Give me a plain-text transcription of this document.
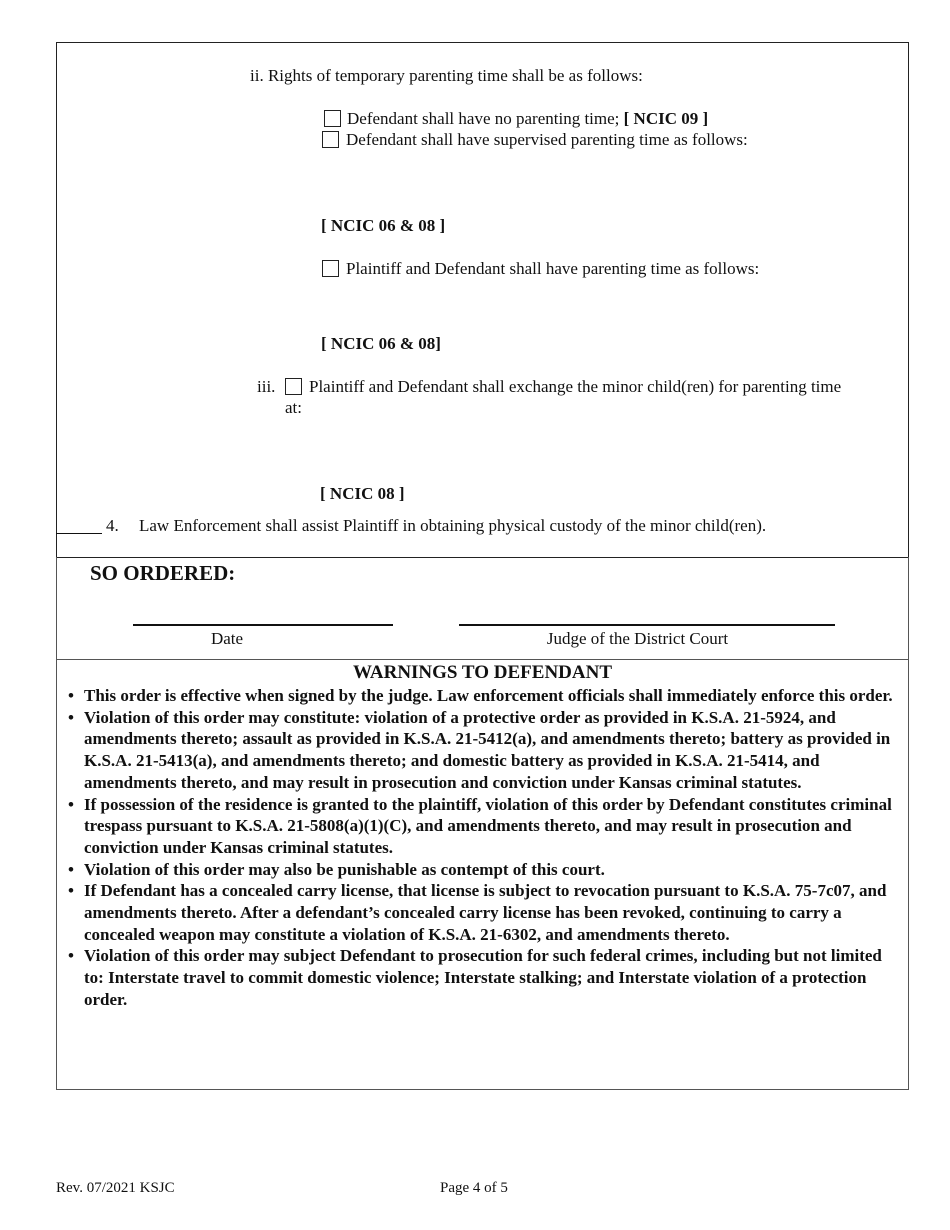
ii. Rights of temporary parenting time shall be as follows:
Defendant shall have no parenting time; [ NCIC 09 ]
Defendant shall have supervised parenting time as follows:
[ NCIC 06 & 08 ]
Plaintiff and Defendant shall have parenting time as follows:
[ NCIC 06 & 08]
iii. Plaintiff and Defendant shall exchange the minor child(ren) for parenting time
at:
[ NCIC 08 ]
4. Law Enforcement shall assist Plaintiff in obtaining physical custody of the minor child(ren).
SO ORDERED:
Date	Judge of the District Court
WARNINGS TO DEFENDANT
• This order is effective when signed by the judge. Law enforcement officials shall immediately enforce this order.
• Violation of this order may constitute: violation of a protective order as provided in K.S.A. 21-5924, and amendments thereto; assault as provided in K.S.A. 21-5412(a), and amendments thereto; battery as provided in K.S.A. 21-5413(a), and amendments thereto; and domestic battery as provided in K.S.A. 21-5414, and amendments thereto, and may result in prosecution and conviction under Kansas criminal statutes.
• If possession of the residence is granted to the plaintiff, violation of this order by Defendant constitutes criminal trespass pursuant to K.S.A. 21-5808(a)(1)(C), and amendments thereto, and may result in prosecution and conviction under Kansas criminal statutes.
• Violation of this order may also be punishable as contempt of this court.
• If Defendant has a concealed carry license, that license is subject to revocation pursuant to K.S.A. 75-7c07, and amendments thereto. After a defendant’s concealed carry license has been revoked, continuing to carry a concealed weapon may constitute a violation of K.S.A. 21-6302, and amendments thereto.
• Violation of this order may subject Defendant to prosecution for such federal crimes, including but not limited to: Interstate travel to commit domestic violence; Interstate stalking; and Interstate violation of a protection order.
Rev. 07/2021 KSJC	Page 4 of 5
